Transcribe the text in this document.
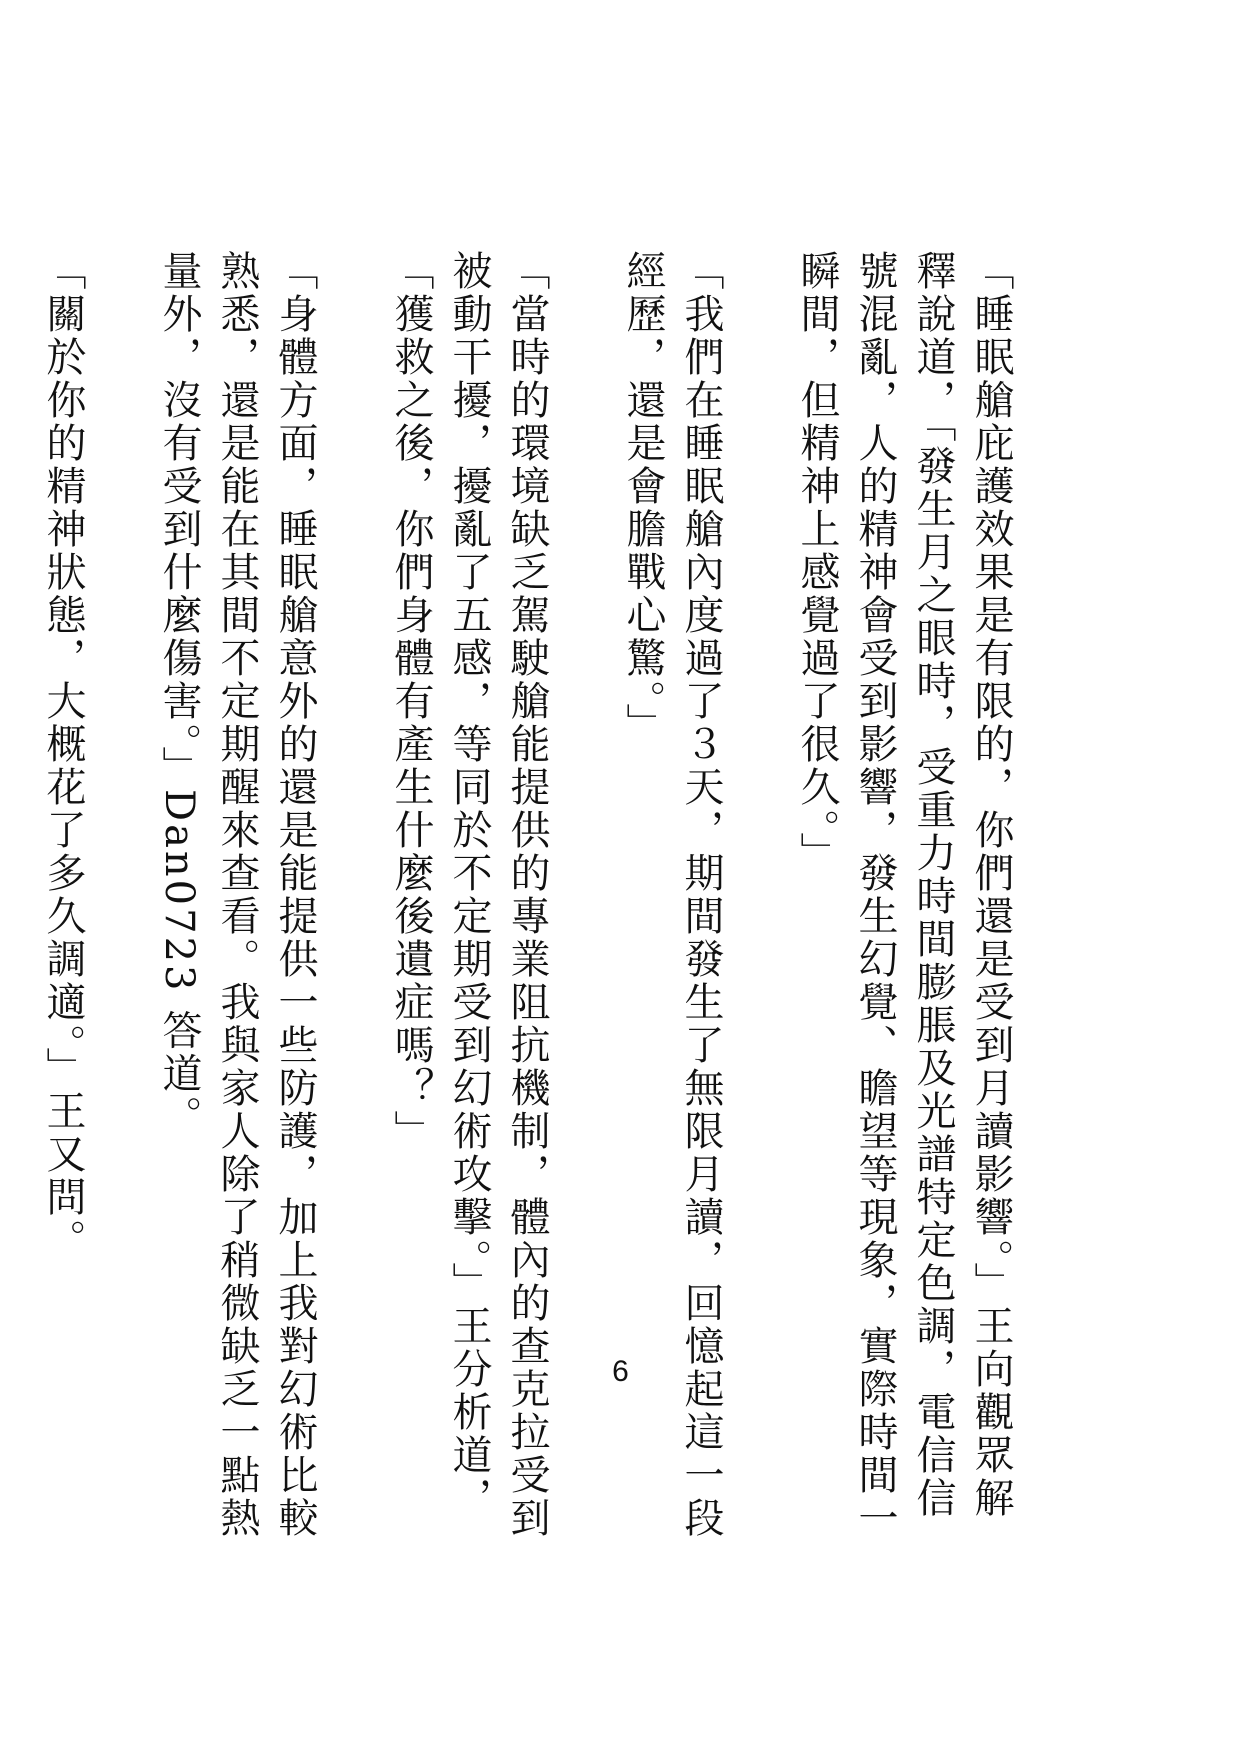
「睡眠艙庇護效果是有限的，你們還是受到月讀影響。」王向觀眾解釋說道，「發生月之眼時，受重力時間膨脹及光譜特定色調，電信信號混亂，人的精神會受到影響，發生幻覺、瞻望等現象，實際時間一瞬間，但精神上感覺過了很久。」

「我們在睡眠艙內度過了３天，期間發生了無限月讀，回憶起這一段經歷，還是會膽戰心驚。」

「當時的環境缺乏駕駛艙能提供的專業阻抗機制，體內的查克拉受到被動干擾，擾亂了五感，等同於不定期受到幻術攻擊。」王分析道，「獲救之後，你們身體有產生什麼後遺症嗎？」

「身體方面，睡眠艙意外的還是能提供一些防護，加上我對幻術比較熟悉，還是能在其間不定期醒來查看。我與家人除了稍微缺乏一點熱量外，沒有受到什麼傷害。」Dan0723 答道。

「關於你的精神狀態，大概花了多久調適。」王又問。

6
